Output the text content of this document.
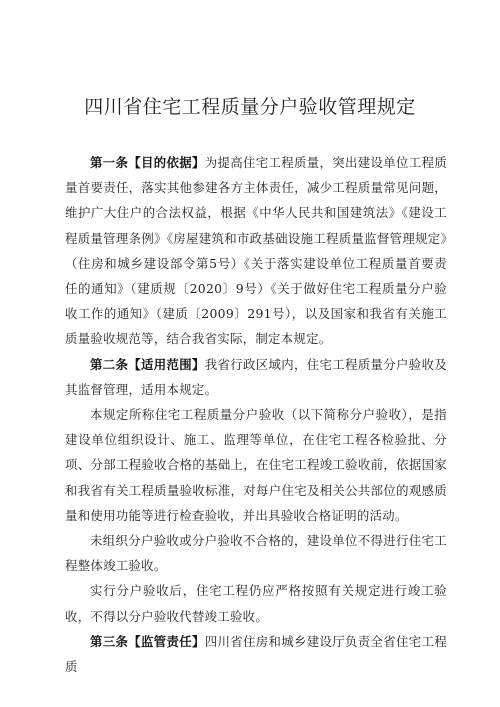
四川省住宅工程质量分户验收管理规定

第一条【目的依据】为提高住宅工程质量，突出建设单位工程质量首要责任，落实其他参建各方主体责任，减少工程质量常见问题，维护广大住户的合法权益，根据《中华人民共和国建筑法》《建设工程质量管理条例》《房屋建筑和市政基础设施工程质量监督管理规定》（住房和城乡建设部令第5号）《关于落实建设单位工程质量首要责任的通知》（建质规〔2020〕9号）《关于做好住宅工程质量分户验收工作的通知》（建质〔2009〕291号），以及国家和我省有关施工质量验收规范等，结合我省实际，制定本规定。

第二条【适用范围】我省行政区域内，住宅工程质量分户验收及其监督管理，适用本规定。

本规定所称住宅工程质量分户验收（以下简称分户验收），是指建设单位组织设计、施工、监理等单位，在住宅工程各检验批、分项、分部工程验收合格的基础上，在住宅工程竣工验收前，依据国家和我省有关工程质量验收标准，对每户住宅及相关公共部位的观感质量和使用功能等进行检查验收，并出具验收合格证明的活动。

未组织分户验收或分户验收不合格的，建设单位不得进行住宅工程整体竣工验收。

实行分户验收后，住宅工程仍应严格按照有关规定进行竣工验收，不得以分户验收代替竣工验收。

第三条【监管责任】四川省住房和城乡建设厅负责全省住宅工程质
